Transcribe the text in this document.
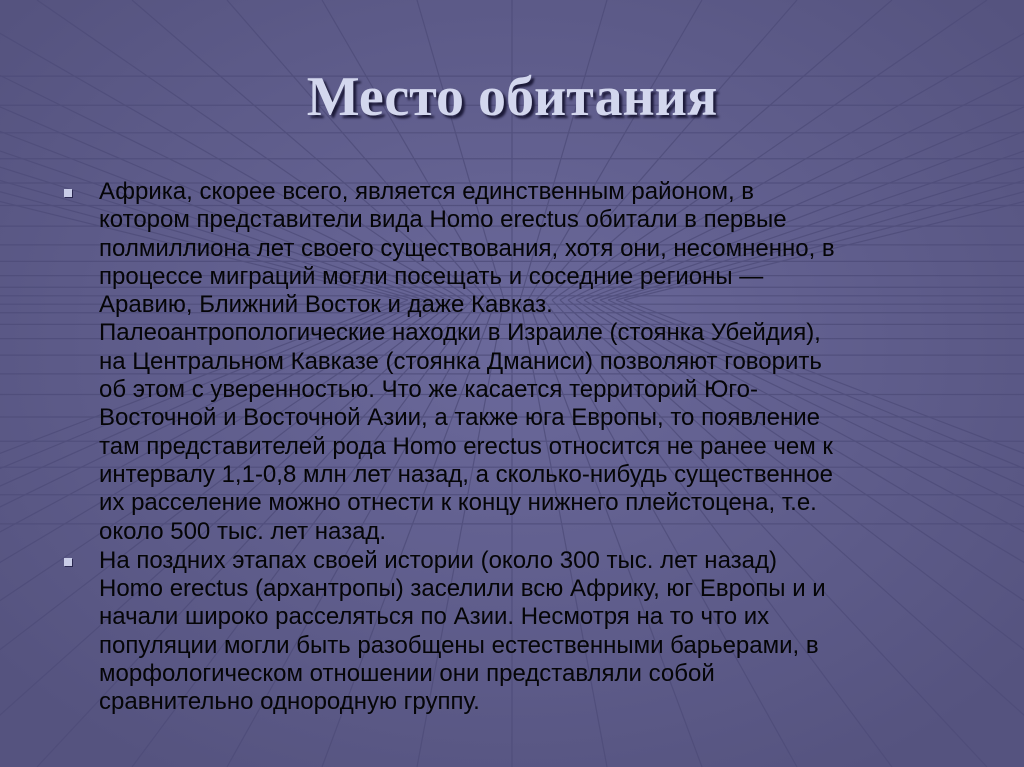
Место обитания
Африка, скорее всего, является единственным районом, в
котором представители вида Homo erectus обитали в первые
полмиллиона лет своего существования, хотя они, несомненно, в
процессе миграций могли посещать и соседние регионы —
Аравию, Ближний Восток и даже Кавказ.
Палеоантропологические находки в Израиле (стоянка Убейдия),
на Центральном Кавказе (стоянка Дманиси) позволяют говорить
об этом с уверенностью. Что же касается территорий Юго-
Восточной и Восточной Азии, а также юга Европы, то появление
там представителей рода Homo erectus относится не ранее чем к
интервалу 1,1-0,8 млн лет назад, а сколько-нибудь существенное
их расселение можно отнести к концу нижнего плейстоцена, т.е.
около 500 тыс. лет назад.
На поздних этапах своей истории (около 300 тыс. лет назад)
Homo erectus (архантропы) заселили всю Африку, юг Европы и и
начали широко расселяться по Азии. Несмотря на то что их
популяции могли быть разобщены естественными барьерами, в
морфологическом отношении они представляли собой
сравнительно однородную группу.
